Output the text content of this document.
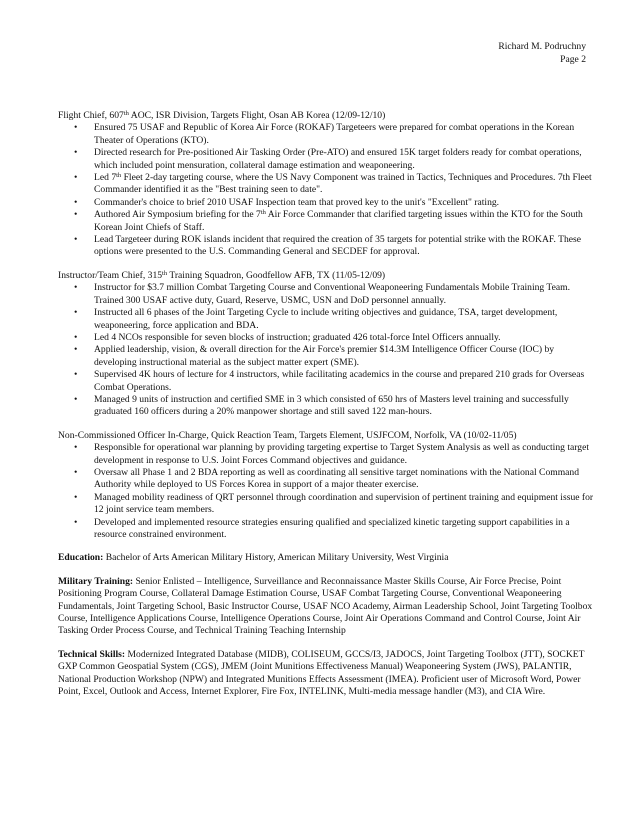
Richard M. Podruchny
Page 2

Flight Chief, 607th AOC, ISR Division, Targets Flight, Osan AB Korea (12/09-12/10)

• Ensured 75 USAF and Republic of Korea Air Force (ROKAF) Targeteers were prepared for combat operations in the Korean Theater of Operations (KTO).
• Directed research for Pre-positioned Air Tasking Order (Pre-ATO) and ensured 15K target folders ready for combat operations, which included point mensuration, collateral damage estimation and weaponeering.
• Led 7th Fleet 2-day targeting course, where the US Navy Component was trained in Tactics, Techniques and Procedures. 7th Fleet Commander identified it as the "Best training seen to date".
• Commander's choice to brief 2010 USAF Inspection team that proved key to the unit's "Excellent" rating.
• Authored Air Symposium briefing for the 7th Air Force Commander that clarified targeting issues within the KTO for the South Korean Joint Chiefs of Staff.
• Lead Targeteer during ROK islands incident that required the creation of 35 targets for potential strike with the ROKAF. These options were presented to the U.S. Commanding General and SECDEF for approval.

Instructor/Team Chief, 315th Training Squadron, Goodfellow AFB, TX (11/05-12/09)

• Instructor for $3.7 million Combat Targeting Course and Conventional Weaponeering Fundamentals Mobile Training Team. Trained 300 USAF active duty, Guard, Reserve, USMC, USN and DoD personnel annually.
• Instructed all 6 phases of the Joint Targeting Cycle to include writing objectives and guidance, TSA, target development, weaponeering, force application and BDA.
• Led 4 NCOs responsible for seven blocks of instruction; graduated 426 total-force Intel Officers annually.
• Applied leadership, vision, & overall direction for the Air Force's premier $14.3M Intelligence Officer Course (IOC) by developing instructional material as the subject matter expert (SME).
• Supervised 4K hours of lecture for 4 instructors, while facilitating academics in the course and prepared 210 grads for Overseas Combat Operations.
• Managed 9 units of instruction and certified SME in 3 which consisted of 650 hrs of Masters level training and successfully graduated 160 officers during a 20% manpower shortage and still saved 122 man-hours.

Non-Commissioned Officer In-Charge, Quick Reaction Team, Targets Element, USJFCOM, Norfolk, VA (10/02-11/05)

• Responsible for operational war planning by providing targeting expertise to Target System Analysis as well as conducting target development in response to U.S. Joint Forces Command objectives and guidance.
• Oversaw all Phase 1 and 2 BDA reporting as well as coordinating all sensitive target nominations with the National Command Authority while deployed to US Forces Korea in support of a major theater exercise.
• Managed mobility readiness of QRT personnel through coordination and supervision of pertinent training and equipment issue for 12 joint service team members.
• Developed and implemented resource strategies ensuring qualified and specialized kinetic targeting support capabilities in a resource constrained environment.

Education: Bachelor of Arts American Military History, American Military University, West Virginia

Military Training: Senior Enlisted – Intelligence, Surveillance and Reconnaissance Master Skills Course, Air Force Precise, Point Positioning Program Course, Collateral Damage Estimation Course, USAF Combat Targeting Course, Conventional Weaponeering Fundamentals, Joint Targeting School, Basic Instructor Course, USAF NCO Academy, Airman Leadership School, Joint Targeting Toolbox Course, Intelligence Applications Course, Intelligence Operations Course, Joint Air Operations Command and Control Course, Joint Air Tasking Order Process Course, and Technical Training Teaching Internship

Technical Skills: Modernized Integrated Database (MIDB), COLISEUM, GCCS/I3, JADOCS, Joint Targeting Toolbox (JTT), SOCKET GXP Common Geospatial System (CGS), JMEM (Joint Munitions Effectiveness Manual) Weaponeering System (JWS), PALANTIR, National Production Workshop (NPW) and Integrated Munitions Effects Assessment (IMEA). Proficient user of Microsoft Word, Power Point, Excel, Outlook and Access, Internet Explorer, Fire Fox, INTELINK, Multi-media message handler (M3), and CIA Wire.
